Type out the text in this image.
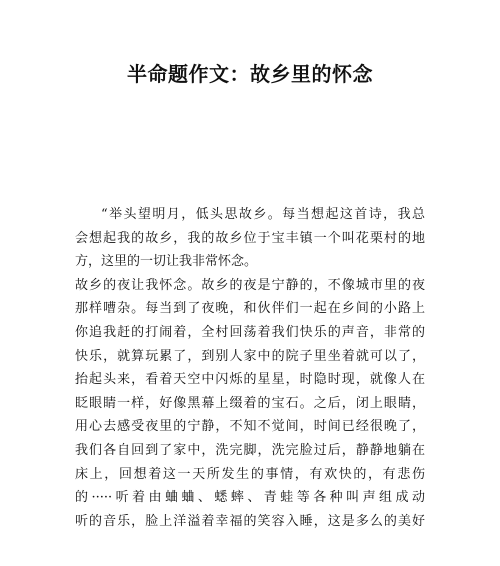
半命题作文：故乡里的怀念
“举头望明月，低头思故乡。每当想起这首诗，我总
会想起我的故乡，我的故乡位于宝丰镇一个叫花栗村的地
方，这里的一切让我非常怀念。
故乡的夜让我怀念。故乡的夜是宁静的，不像城市里的夜
那样嘈杂。每当到了夜晚，和伙伴们一起在乡间的小路上
你追我赶的打闹着，全村回荡着我们快乐的声音，非常的
快乐，就算玩累了，到别人家中的院子里坐着就可以了，
抬起头来，看着天空中闪烁的星星，时隐时现，就像人在
眨眼睛一样，好像黑幕上缀着的宝石。之后，闭上眼睛，
用心去感受夜里的宁静，不知不觉间，时间已经很晚了，
我们各自回到了家中，洗完脚，洗完脸过后，静静地躺在
床上，回想着这一天所发生的事情，有欢快的，有悲伤
的·····听着由蛐蛐、蟋蟀、青蛙等各种叫声组成动
听的音乐，脸上洋溢着幸福的笑容入睡，这是多么的美好
